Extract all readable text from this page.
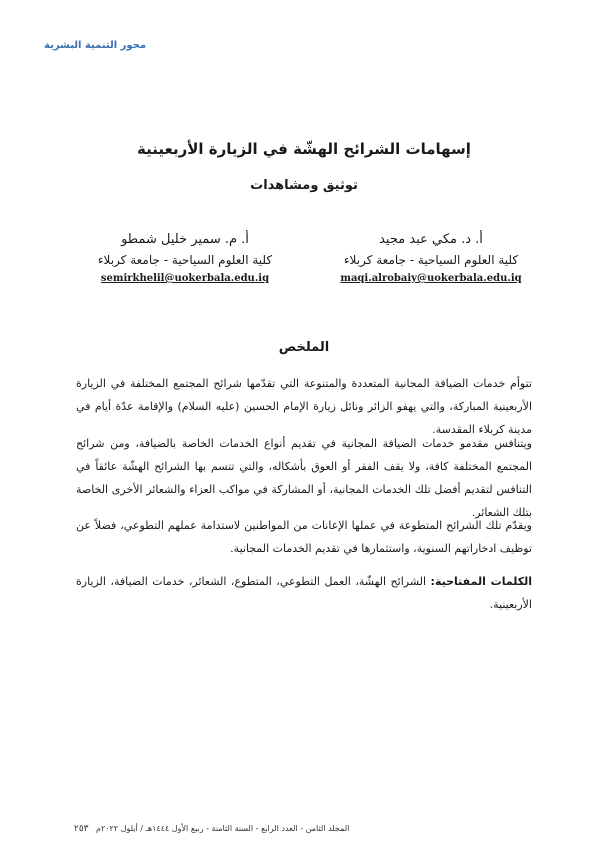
محور التنمية البشرية
إسهامات الشرائح الهشّة في الزيارة الأربعينية
توثيق ومشاهدات
أ. د. مكي عبد مجيد
كلية العلوم السياحية - جامعة كربلاء
maqi.alrobaiy@uokerbala.edu.iq
أ. م. سمير خليل شمطو
كلية العلوم السياحية - جامعة كربلاء
semirkhelil@uokerbala.edu.iq
الملخص

تتوأم خدمات الضيافة المجانية المتعددة والمتنوعة التي تقدّمها شرائح المجتمع المختلفة في الزيارة الأربعينية المباركة، والتي يهفو الزائر ونائل زيارة الإمام الحسين (عليه السلام) والإقامة عدّة أيام في مدينة كربلاء المقدسة.

ويتنافس مقدمو خدمات الضيافة المجانية في تقديم أنواع الخدمات الخاصة بالضيافة، ومن شرائح المجتمع المختلفة كافة، ولا يقف الفقر أو العوق بأشكاله، والتي تتسم بها الشرائح الهشّة عائقاً في التنافس لتقديم أفضل تلك الخدمات المجانية، أو المشاركة في مواكب العزاء والشعائر الأخرى الخاصة بتلك الشعائر.

ويقدّم تلك الشرائح المتطوعة في عملها الإعانات من المواطنين لاستدامة عملهم التطوعي، فضلاً عن توظيف ادخاراتهم السنوية، واستثمارها في تقديم الخدمات المجانية.

الكلمات المفتاحية: الشرائح الهشّة، العمل التطوعي، المتطوع، الشعائر، خدمات الضيافة، الزيارة الأربعينية.

٢٥٣ المجلد الثامن - العدد الرابع - السنة الثامنة - ربيع الأول ١٤٤٤هـ / أيلول ٢٠٢٢م
